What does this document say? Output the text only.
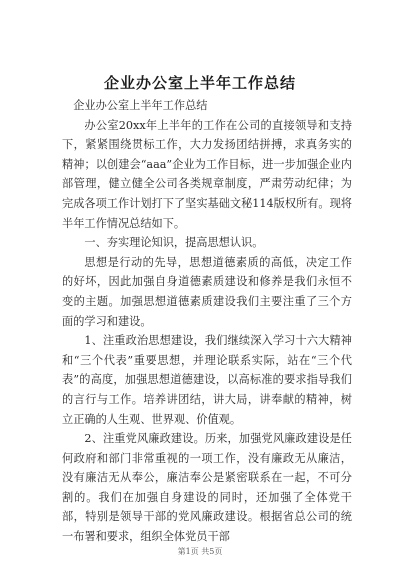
企业办公室上半年工作总结

企业办公室上半年工作总结

办公室20xx年上半年的工作在公司的直接领导和支持下，紧紧围绕贯标工作，大力发扬团结拼搏，求真务实的精神；以创建会“aaa”企业为工作目标，进一步加强企业内部管理，健立健全公司各类规章制度，严肃劳动纪律；为完成各项工作计划打下了坚实基础文秘114版权所有。现将半年工作情况总结如下。

一、夯实理论知识，提高思想认识。

思想是行动的先导，思想道德素质的高低，决定工作的好坏，因此加强自身道德素质建设和修养是我们永恒不变的主题。加强思想道德素质建设我们主要注重了三个方面的学习和建设。

1、注重政治思想建设，我们继续深入学习十六大精神和“三个代表”重要思想，并理论联系实际，站在“三个代表”的高度，加强思想道德建设，以高标准的要求指导我们的言行与工作。培养讲团结，讲大局，讲奉献的精神，树立正确的人生观、世界观、价值观。

2、注重党风廉政建设。历来，加强党风廉政建设是任何政府和部门非常重视的一项工作，没有廉政无从廉洁，没有廉洁无从奉公，廉洁奉公是紧密联系在一起，不可分割的。我们在加强自身建设的同时，还加强了全体党干部，特别是领导干部的党风廉政建设。根据省总公司的统一布署和要求，组织全体党员干部

第1页 共5页
